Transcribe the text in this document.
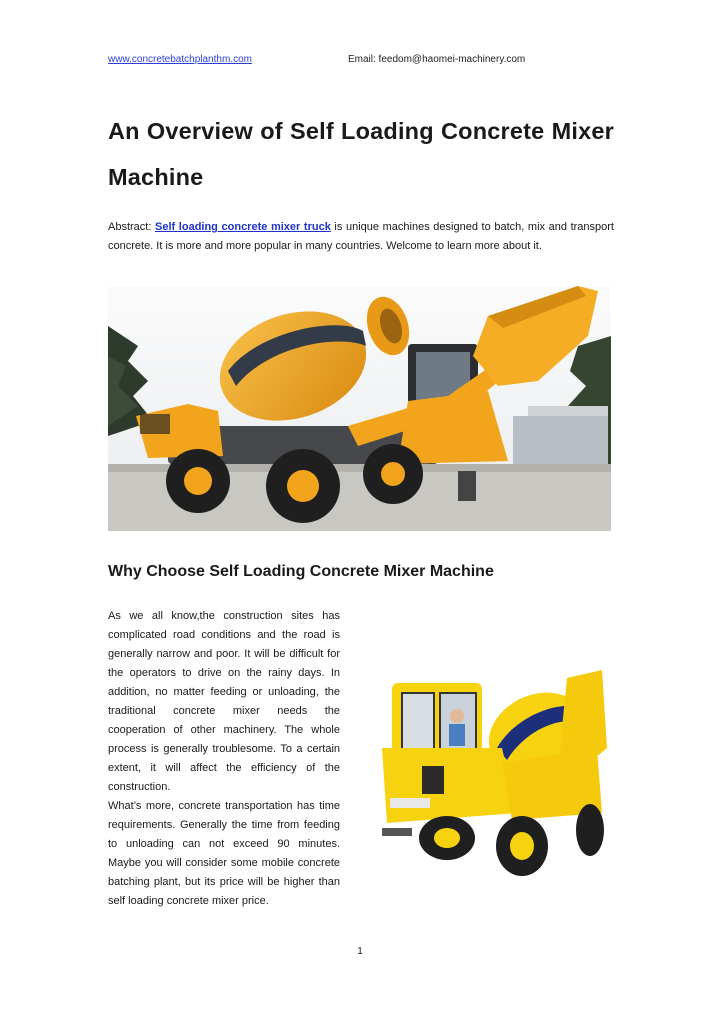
www.concretebatchplanthm.com	Email: feedom@haomei-machinery.com
An Overview of Self Loading Concrete Mixer Machine

Abstract: Self loading concrete mixer truck is unique machines designed to batch, mix and transport concrete. It is more and more popular in many countries. Welcome to learn more about it.

Why Choose Self Loading Concrete Mixer Machine

As we all know,the construction sites has complicated road conditions and the road is generally narrow and poor. It will be difficult for the operators to drive on the rainy days. In addition, no matter feeding or unloading, the traditional concrete mixer needs the cooperation of other machinery. The whole process is generally troublesome. To a certain extent, it will affect the efficiency of the construction.

What’s more, concrete transportation has time requirements. Generally the time from feeding to unloading can not exceed 90 minutes. Maybe you will consider some mobile concrete batching plant, but its price will be higher than self loading concrete mixer price.

1
